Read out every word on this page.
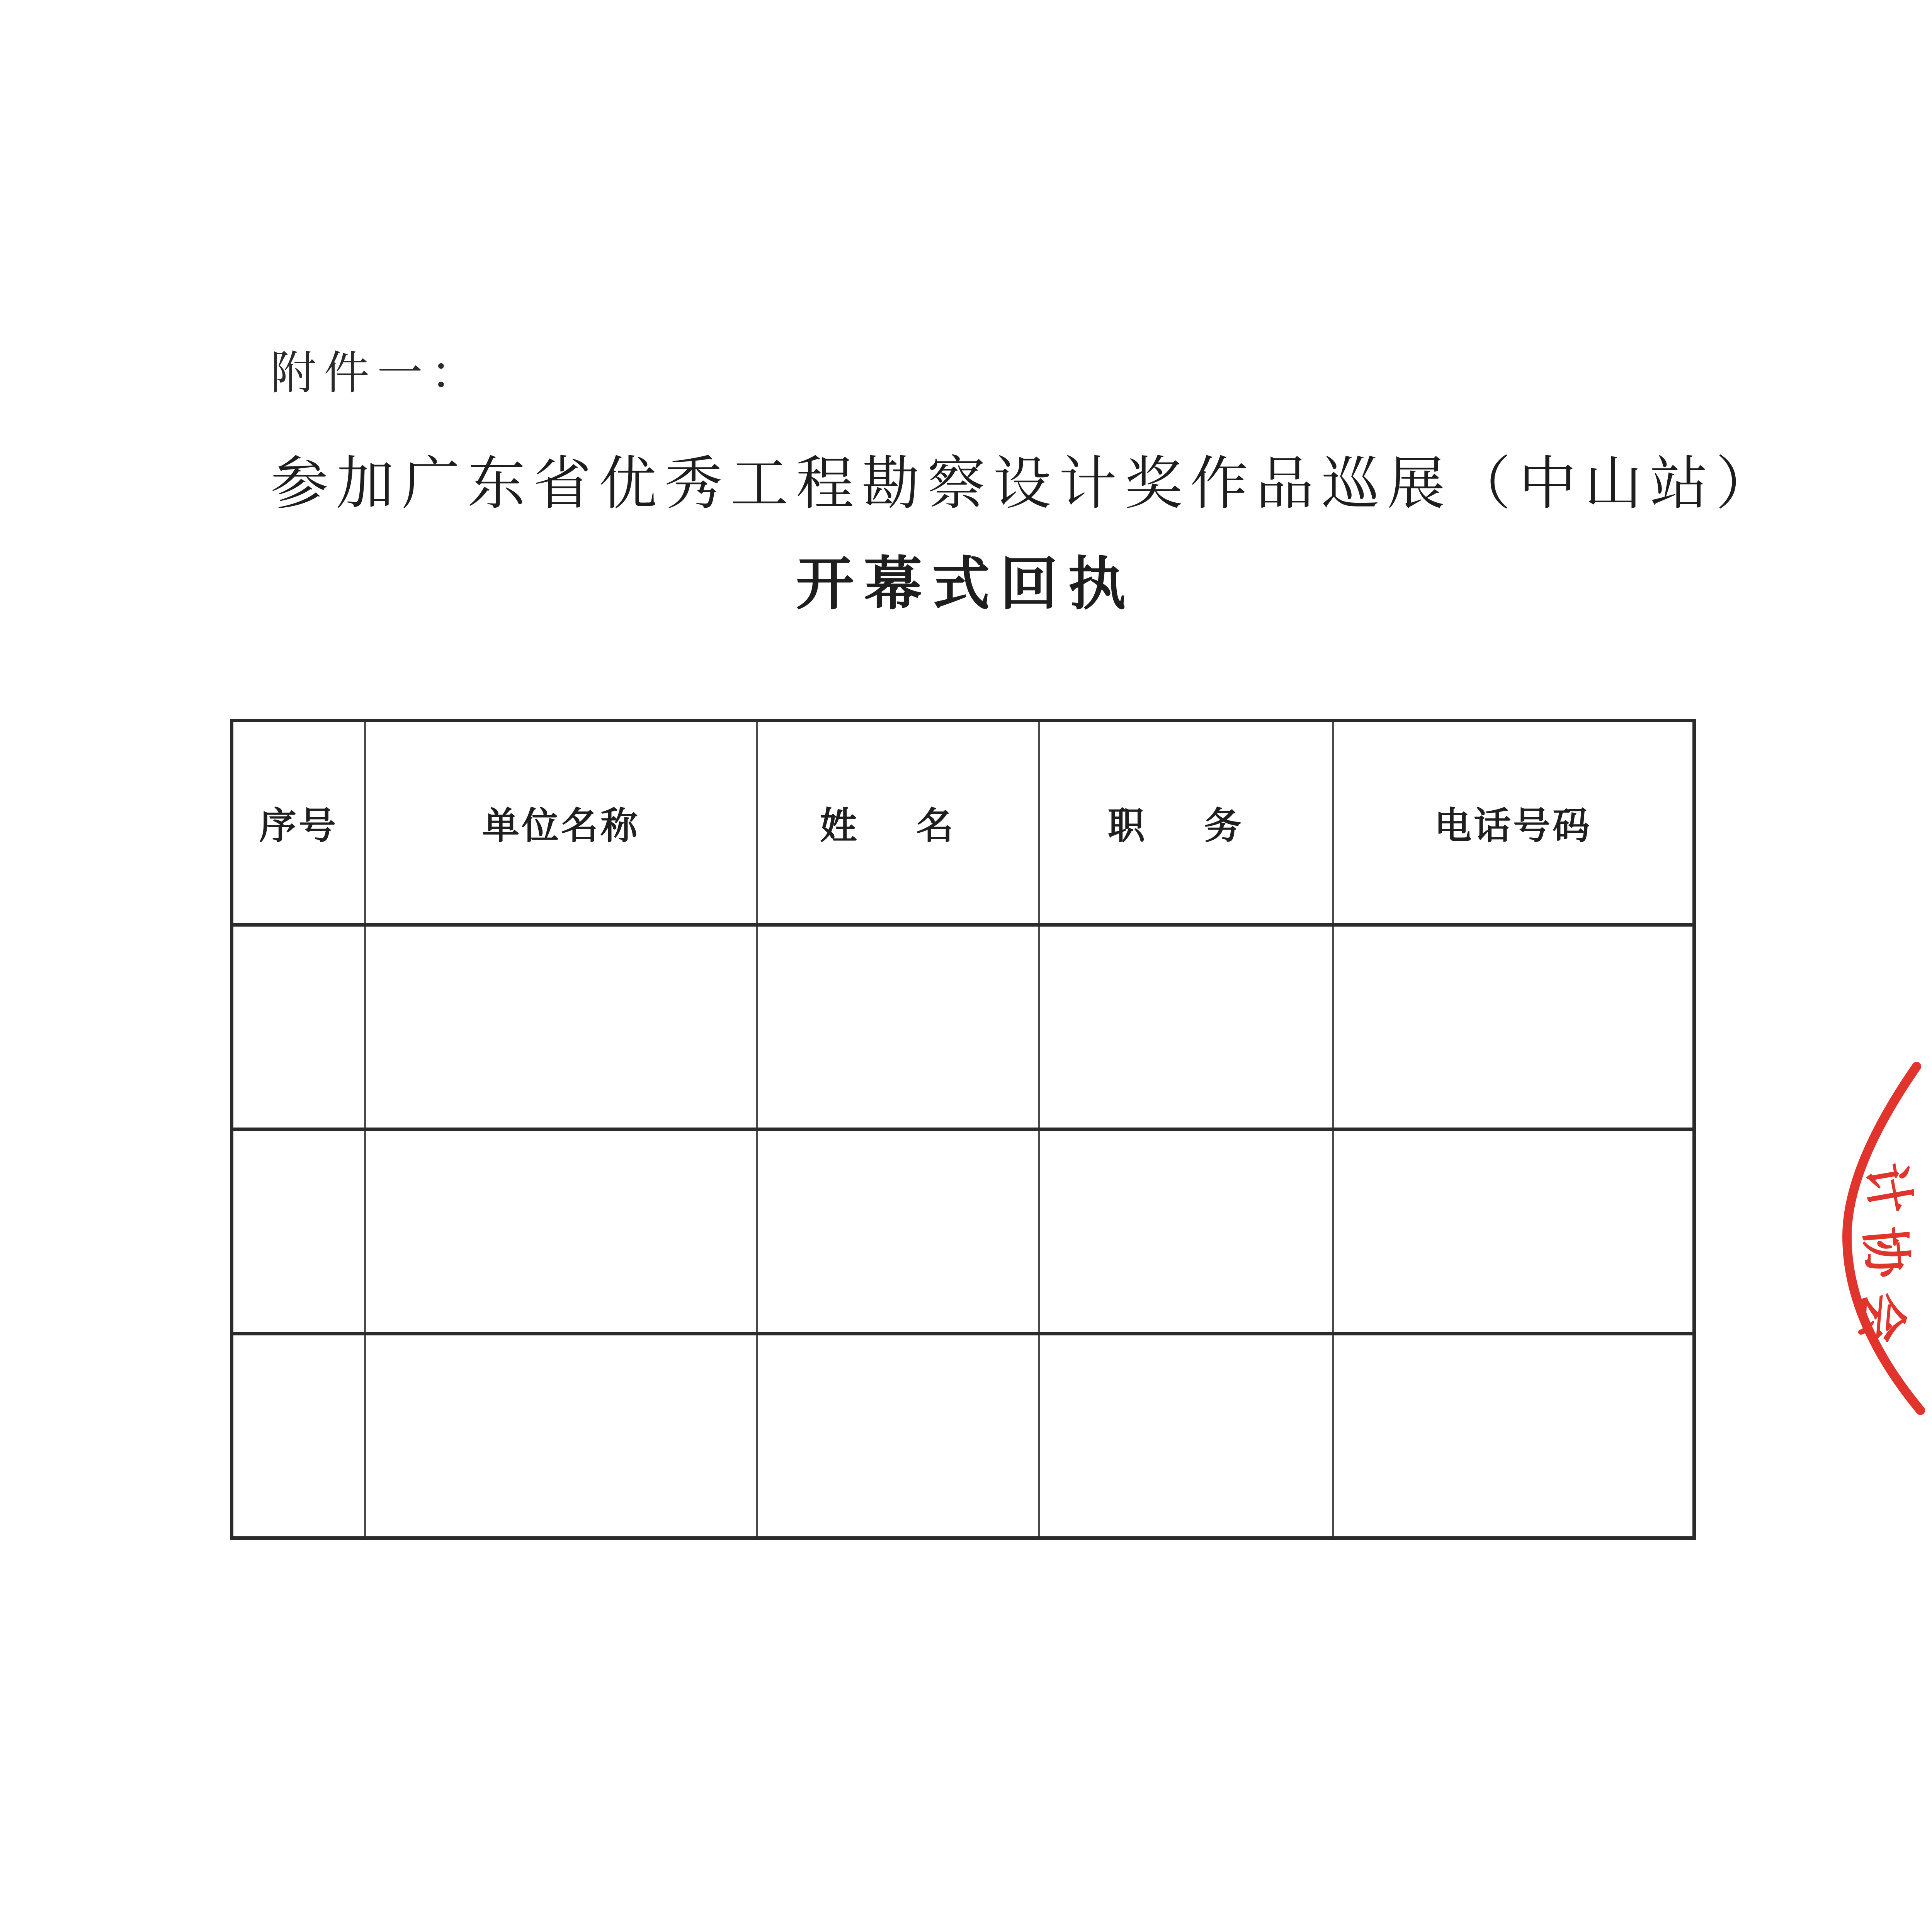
附件一：
参加广东省优秀工程勘察设计奖作品巡展（中山站）
开幕式回执
序号	单位名称	姓 名	职 务	电话号码

计
协
会
